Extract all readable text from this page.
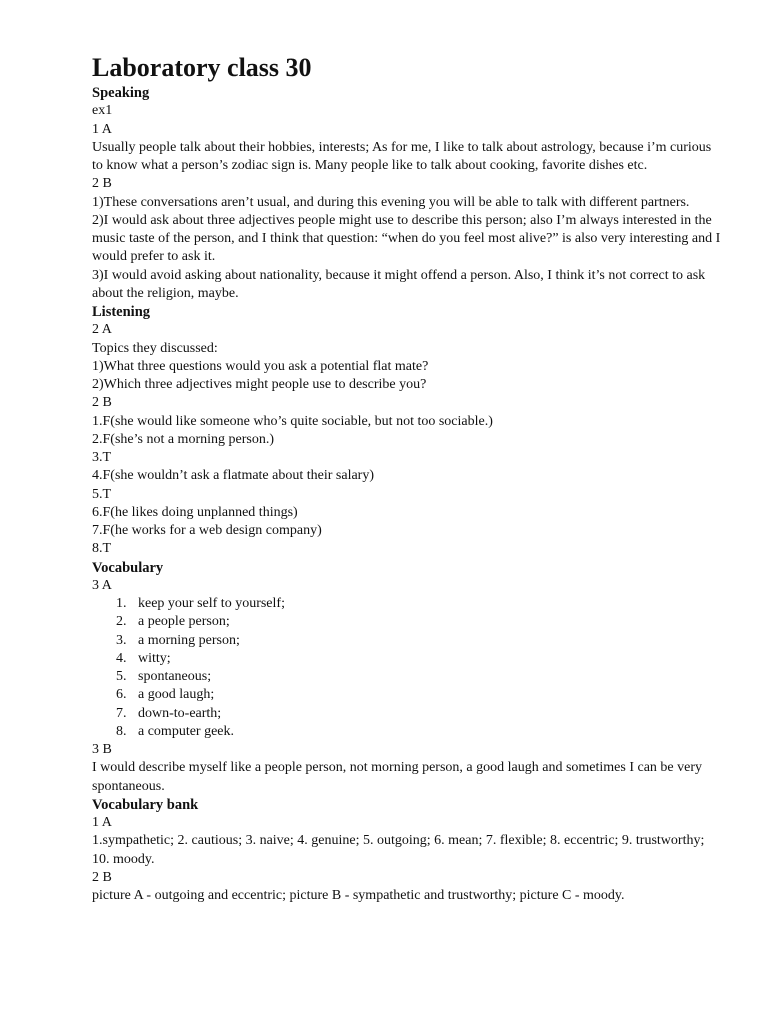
Laboratory class 30
Speaking
ex1
1 A
Usually people talk about their hobbies, interests; As for me, I like to talk about astrology, because i’m curious to know what a person’s zodiac sign is. Many people like to talk about cooking, favorite dishes etc.
2 B
1)These conversations aren’t usual, and during this evening you will be able to talk with different partners.
2)I would ask about three adjectives people might use to describe this person; also I’m always interested in the music taste of the person, and I think that question: “when do you feel most alive?” is also very interesting and I would prefer to ask it.
3)I would avoid asking about nationality, because it might offend a person. Also, I think it’s not correct to ask about the religion, maybe.
Listening
2 A
Topics they discussed:
1)What three questions would you ask a potential flat mate?
2)Which three adjectives might people use to describe you?
2 B
1.F(she would like someone who’s quite sociable, but not too sociable.)
2.F(she’s not a morning person.)
3.T
4.F(she wouldn’t ask a flatmate about their salary)
5.T
6.F(he likes doing unplanned things)
7.F(he works for a web design company)
8.T
Vocabulary
3 A
1. keep your self to yourself;
2. a people person;
3. a morning person;
4. witty;
5. spontaneous;
6. a good laugh;
7. down-to-earth;
8. a computer geek.
3 B
I would describe myself like a people person, not morning person, a good laugh and sometimes I can be very spontaneous.
Vocabulary bank
1 A
1.sympathetic; 2. cautious; 3. naive; 4. genuine; 5. outgoing; 6. mean; 7. flexible; 8. eccentric; 9. trustworthy; 10. moody.
2 B
picture A - outgoing and eccentric; picture B - sympathetic and trustworthy; picture C - moody.
